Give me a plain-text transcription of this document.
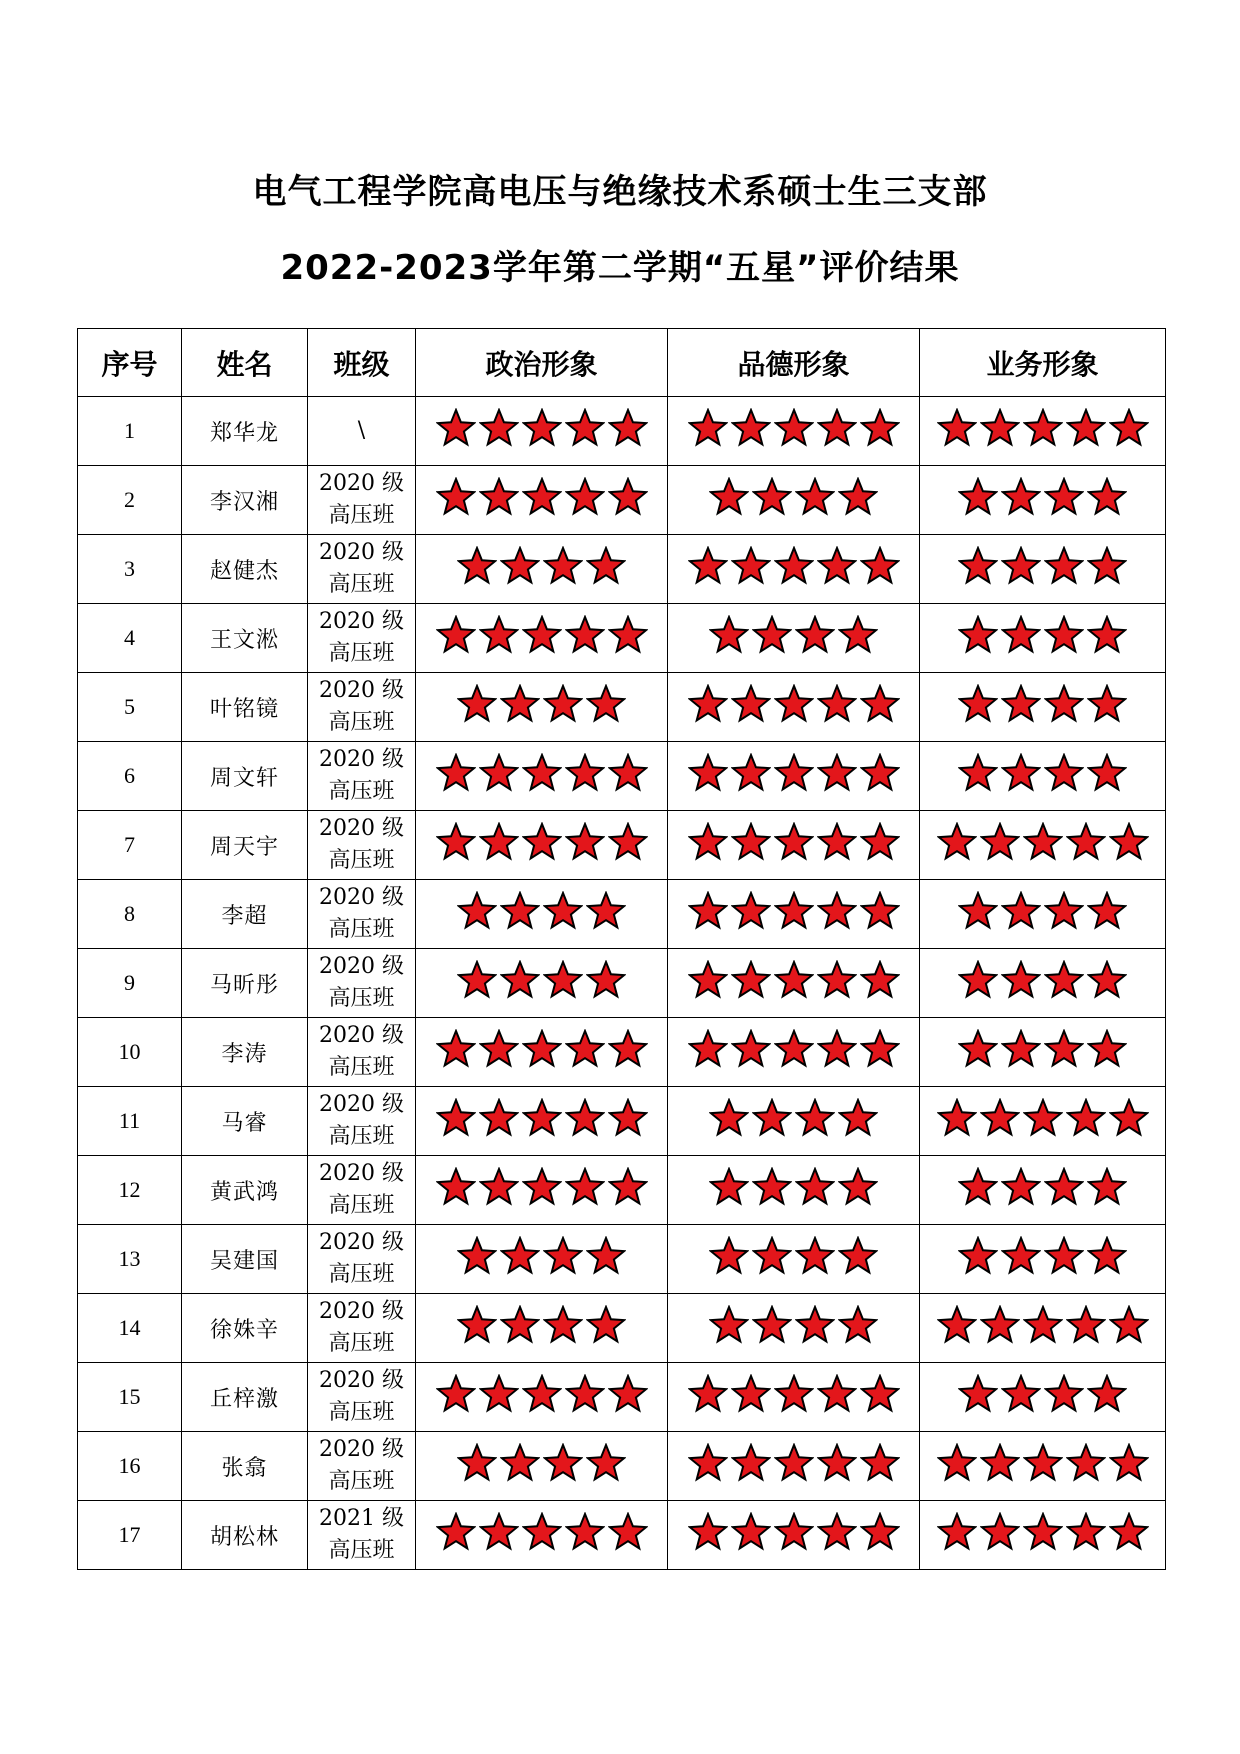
电气工程学院高电压与绝缘技术系硕士生三支部
2022-2023学年第二学期“五星”评价结果
序号	姓名	班级	政治形象	品德形象	业务形象
1	郑华龙	\

2	李汉湘	2020 级
高压班

3	赵健杰	2020 级
高压班

4	王文淞	2020 级
高压班

5	叶铭镜	2020 级
高压班

6	周文轩	2020 级
高压班

7	周天宇	2020 级
高压班

8	李超	2020 级
高压班

9	马昕彤	2020 级
高压班

10	李涛	2020 级
高压班

11	马睿	2020 级
高压班

12	黄武鸿	2020 级
高压班

13	吴建国	2020 级
高压班

14	徐姝辛	2020 级
高压班

15	丘梓激	2020 级
高压班

16	张翕	2020 级
高压班

17	胡松林	2021 级
高压班
